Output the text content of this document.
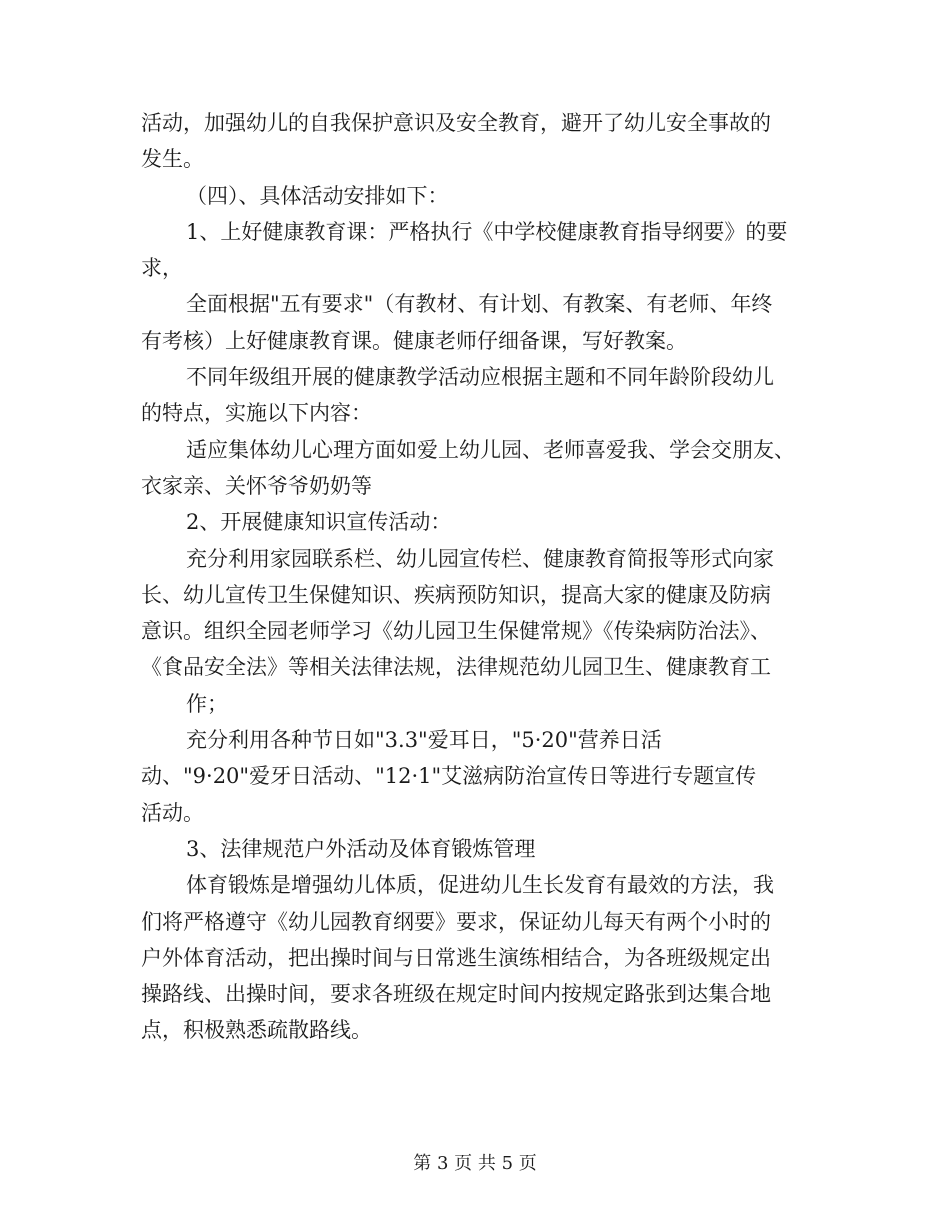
活动，加强幼儿的自我保护意识及安全教育，避开了幼儿安全事故的
发生。
（四）、具体活动安排如下：
1、上好健康教育课：严格执行《中学校健康教育指导纲要》的要
求，
全面根据"五有要求"（有教材、有计划、有教案、有老师、年终
有考核）上好健康教育课。健康老师仔细备课，写好教案。
不同年级组开展的健康教学活动应根据主题和不同年龄阶段幼儿
的特点，实施以下内容：
适应集体幼儿心理方面如爱上幼儿园、老师喜爱我、学会交朋友、
衣家亲、关怀爷爷奶奶等
2、开展健康知识宣传活动：
充分利用家园联系栏、幼儿园宣传栏、健康教育简报等形式向家
长、幼儿宣传卫生保健知识、疾病预防知识，提高大家的健康及防病
意识。组织全园老师学习《幼儿园卫生保健常规》《传染病防治法》、
《食品安全法》等相关法律法规，法律规范幼儿园卫生、健康教育工
作；
充分利用各种节日如"3.3"爱耳日，"5·20"营养日活
动、"9·20"爱牙日活动、"12·1"艾滋病防治宣传日等进行专题宣传
活动。
3、法律规范户外活动及体育锻炼管理
体育锻炼是增强幼儿体质，促进幼儿生长发育有最效的方法，我
们将严格遵守《幼儿园教育纲要》要求，保证幼儿每天有两个小时的
户外体育活动，把出操时间与日常逃生演练相结合，为各班级规定出
操路线、出操时间，要求各班级在规定时间内按规定路张到达集合地
点，积极熟悉疏散路线。
第 3 页 共 5 页
